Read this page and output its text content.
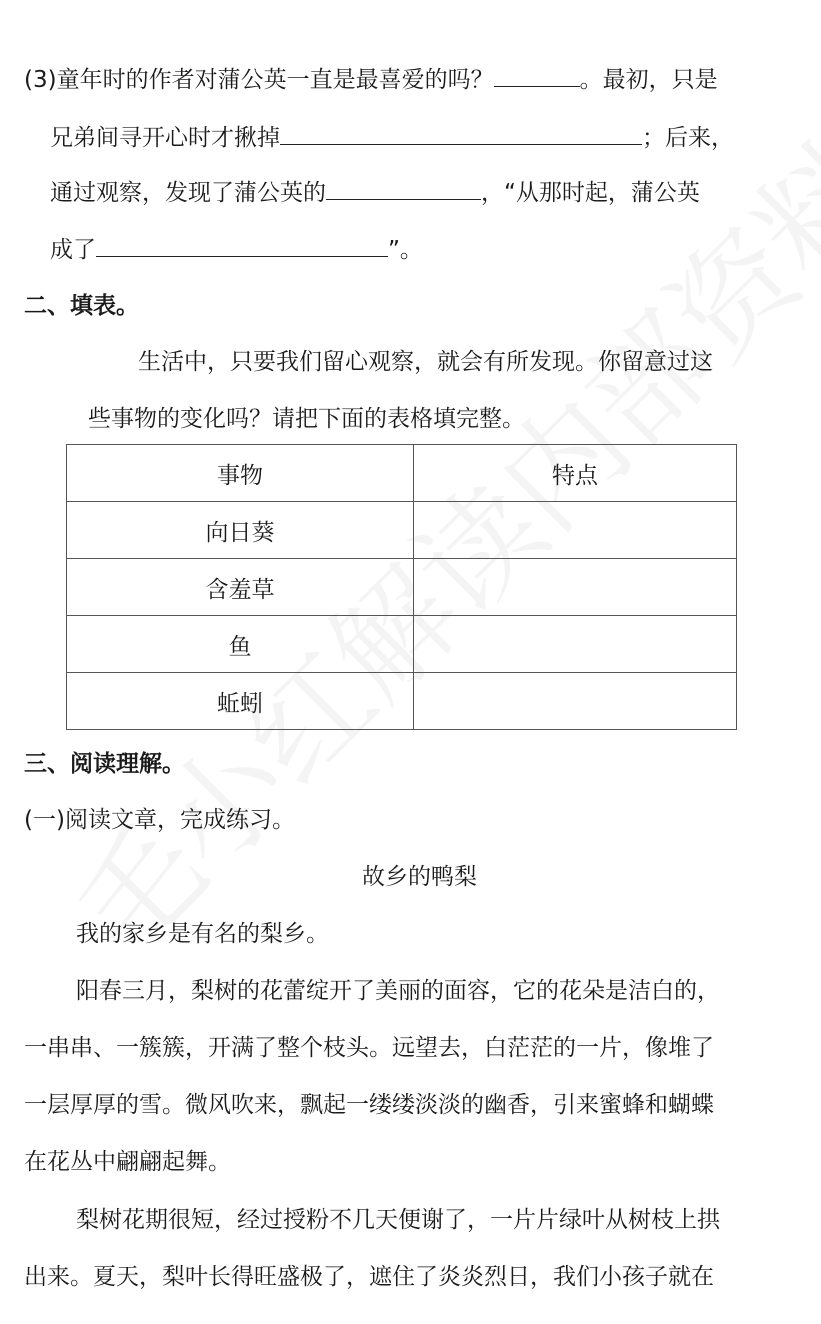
(3)童年时的作者对蒲公英一直是最喜爱的吗？	。最初，只是
兄弟间寻开心时才揪掉	；后来，
通过观察，发现了蒲公英的	，“从那时起，蒲公英
成了	”。
二、填表。
生活中，只要我们留心观察，就会有所发现。你留意过这
些事物的变化吗？请把下面的表格填完整。
事物	特点
向日葵	
含羞草	
鱼	
蚯蚓	
三、阅读理解。
(一)阅读文章，完成练习。
故乡的鸭梨
我的家乡是有名的梨乡。
阳春三月，梨树的花蕾绽开了美丽的面容，它的花朵是洁白的，
一串串、一簇簇，开满了整个枝头。远望去，白茫茫的一片，像堆了
一层厚厚的雪。微风吹来，飘起一缕缕淡淡的幽香，引来蜜蜂和蝴蝶
在花丛中翩翩起舞。
梨树花期很短，经过授粉不几天便谢了，一片片绿叶从树枝上拱
出来。夏天，梨叶长得旺盛极了，遮住了炎炎烈日，我们小孩子就在
